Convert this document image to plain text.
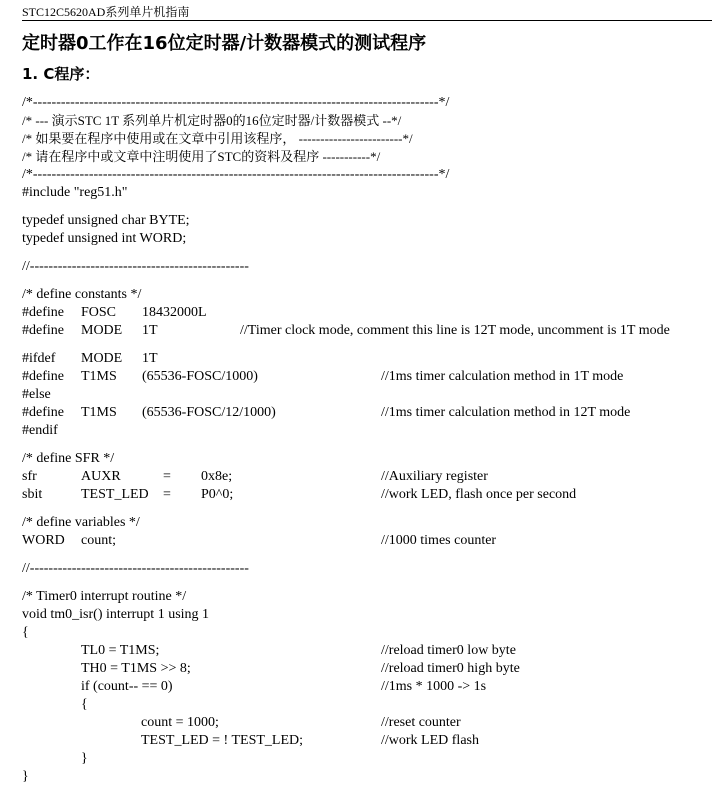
STC12C5620AD系列单片机指南
定时器0工作在16位定时器/计数器模式的测试程序
1. C程序：
/*---------------------------------------------------------------------------------------*/
/* --- 演示STC 1T 系列单片机定时器0的16位定时器/计数器模式 --*/
/* 如果要在程序中使用或在文章中引用该程序， ------------------------*/
/* 请在程序中或文章中注明使用了STC的资料及程序 -----------*/
/*---------------------------------------------------------------------------------------*/
#include "reg51.h"
typedef unsigned char BYTE;
typedef unsigned int WORD;
//-----------------------------------------------
/* define constants */
#define FOSC 18432000L
#define MODE 1T	//Timer clock mode, comment this line is 12T mode, uncomment is 1T mode
#ifdef MODE 1T
#define T1MS (65536-FOSC/1000)	//1ms timer calculation method in 1T mode
#else
#define T1MS (65536-FOSC/12/1000)	//1ms timer calculation method in 12T mode
#endif
/* define SFR */
sfr	AUXR	= 0x8e;	//Auxiliary register
sbit	TEST_LED = P0^0;	//work LED, flash once per second
/* define variables */
WORD count;	//1000 times counter
//-----------------------------------------------
/* Timer0 interrupt routine */
void tm0_isr() interrupt 1 using 1
{
TL0 = T1MS;	//reload timer0 low byte
TH0 = T1MS >> 8;	//reload timer0 high byte
if (count-- == 0)	//1ms * 1000 -> 1s
{
count = 1000;	//reset counter
TEST_LED = ! TEST_LED;	//work LED flash
}
}
